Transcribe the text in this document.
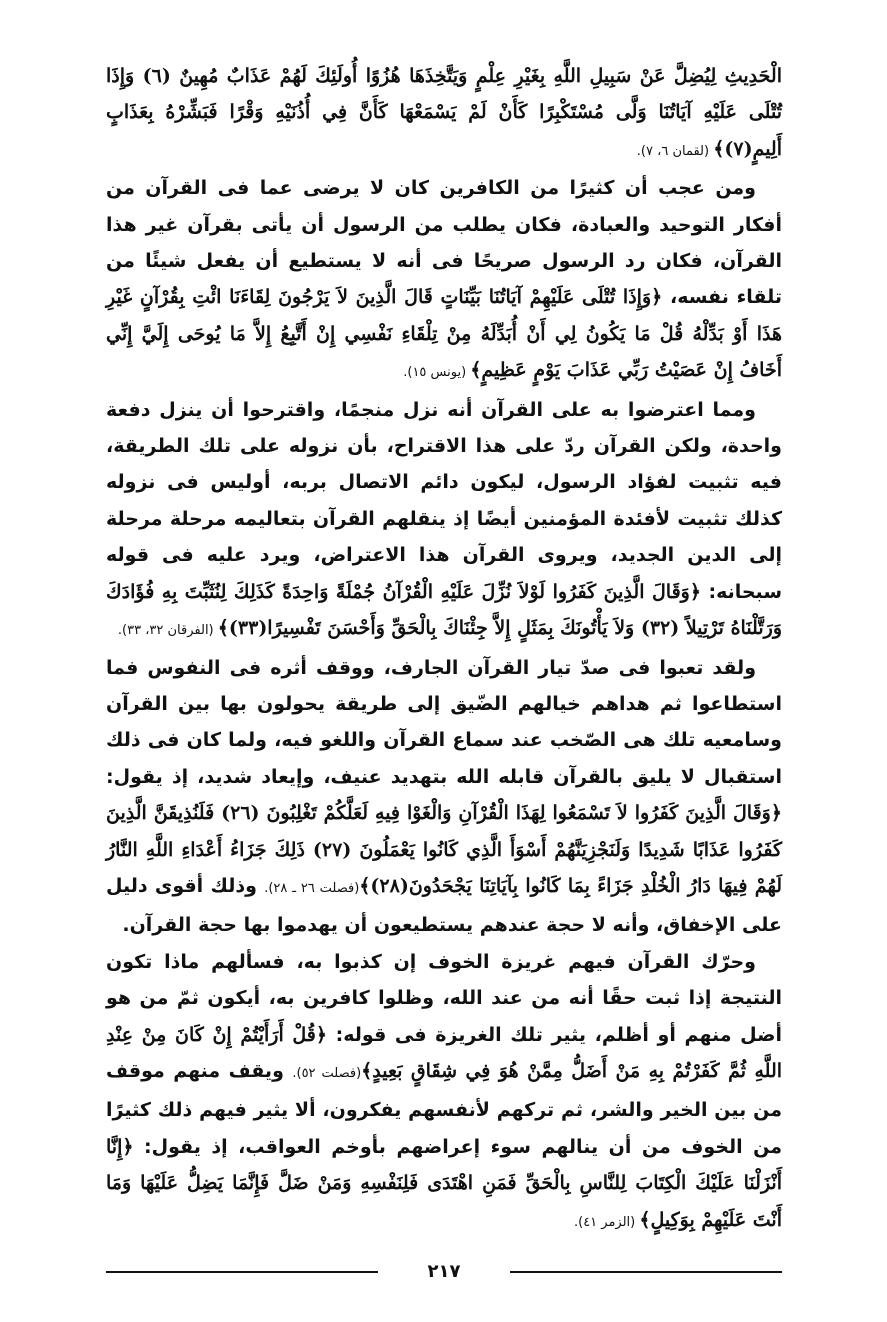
الْحَدِيثِ لِيُضِلَّ عَنْ سَبِيلِ اللَّهِ بِغَيْرِ عِلْمٍ وَيَتَّخِذَهَا هُزُوًا أُولَئِكَ لَهُمْ عَذَابٌ مُهِينٌ (٦) وَإِذَا تُتْلَى عَلَيْهِ آيَاتُنَا وَلَّى مُسْتَكْبِرًا كَأَنْ لَمْ يَسْمَعْهَا كَأَنَّ فِي أُذُنَيْهِ وَقْرًا فَبَشِّرْهُ بِعَذَابٍ أَلِيمٍ(٧)﴾ (لقمان ٦، ٧).

ومن عجب أن كثيرًا من الكافرين كان لا يرضى عما فى القرآن من أفكار التوحيد والعبادة، فكان يطلب من الرسول أن يأتى بقرآن غير هذا القرآن، فكان رد الرسول صريحًا فى أنه لا يستطيع أن يفعل شيئًا من تلقاء نفسه، ﴿وَإِذَا تُتْلَى عَلَيْهِمْ آيَاتُنَا بَيِّنَاتٍ قَالَ الَّذِينَ لاَ يَرْجُونَ لِقَاءَنَا ائْتِ بِقُرْآنٍ غَيْرِ هَذَا أَوْ بَدِّلْهُ قُلْ مَا يَكُونُ لِي أَنْ أُبَدِّلَهُ مِنْ تِلْقَاءِ نَفْسِي إِنْ أَتَّبِعُ إِلاَّ مَا يُوحَى إِلَيَّ إِنِّي أَخَافُ إِنْ عَصَيْتُ رَبِّي عَذَابَ يَوْمٍ عَظِيمٍ﴾ (يونس ١٥).

ومما اعترضوا به على القرآن أنه نزل منجمًا، واقترحوا أن ينزل دفعة واحدة، ولكن القرآن ردّ على هذا الاقتراح، بأن نزوله على تلك الطريقة، فيه تثبيت لفؤاد الرسول، ليكون دائم الاتصال بربه، أوليس فى نزوله كذلك تثبيت لأفئدة المؤمنين أيضًا إذ ينقلهم القرآن بتعاليمه مرحلة مرحلة إلى الدين الجديد، ويروى القرآن هذا الاعتراض، ويرد عليه فى قوله سبحانه: ﴿وَقَالَ الَّذِينَ كَفَرُوا لَوْلاَ نُزِّلَ عَلَيْهِ الْقُرْآنُ جُمْلَةً وَاحِدَةً كَذَلِكَ لِنُثَبِّتَ بِهِ فُؤَادَكَ وَرَتَّلْنَاهُ تَرْتِيلاً (٣٢) وَلاَ يَأْتُونَكَ بِمَثَلٍ إِلاَّ جِئْنَاكَ بِالْحَقِّ وَأَحْسَنَ تَفْسِيرًا(٣٣)﴾ (الفرقان ٣٢، ٣٣).

ولقد تعبوا فى صدّ تيار القرآن الجارف، ووقف أثره فى النفوس فما استطاعوا ثم هداهم خيالهم الضّيق إلى طريقة يحولون بها بين القرآن وسامعيه تلك هى الصّخب عند سماع القرآن واللغو فيه، ولما كان فى ذلك استقبال لا يليق بالقرآن قابله الله بتهديد عنيف، وإيعاد شديد، إذ يقول: ﴿وَقَالَ الَّذِينَ كَفَرُوا لاَ تَسْمَعُوا لِهَذَا الْقُرْآنِ وَالْغَوْا فِيهِ لَعَلَّكُمْ تَغْلِبُونَ (٢٦) فَلَنُذِيقَنَّ الَّذِينَ كَفَرُوا عَذَابًا شَدِيدًا وَلَنَجْزِيَنَّهُمْ أَسْوَأَ الَّذِي كَانُوا يَعْمَلُونَ (٢٧) ذَلِكَ جَزَاءُ أَعْدَاءِ اللَّهِ النَّارُ لَهُمْ فِيهَا دَارُ الْخُلْدِ جَزَاءً بِمَا كَانُوا بِآيَاتِنَا يَجْحَدُونَ(٢٨)﴾(فصلت ٢٦ ـ ٢٨). وذلك أقوى دليل على الإخفاق، وأنه لا حجة عندهم يستطيعون أن يهدموا بها حجة القرآن.

وحرّك القرآن فيهم غريزة الخوف إن كذبوا به، فسألهم ماذا تكون النتيجة إذا ثبت حقًا أنه من عند الله، وظلوا كافرين به، أيكون ثمّ من هو أضل منهم أو أظلم، يثير تلك الغريزة فى قوله: ﴿قُلْ أَرَأَيْتُمْ إِنْ كَانَ مِنْ عِنْدِ اللَّهِ ثُمَّ كَفَرْتُمْ بِهِ مَنْ أَضَلُّ مِمَّنْ هُوَ فِي شِقَاقٍ بَعِيدٍ﴾(فصلت ٥٢). ويقف منهم موقف من بين الخير والشر، ثم تركهم لأنفسهم يفكرون، ألا يثير فيهم ذلك كثيرًا من الخوف من أن ينالهم سوء إعراضهم بأوخم العواقب، إذ يقول: ﴿إِنَّا أَنْزَلْنَا عَلَيْكَ الْكِتَابَ لِلنَّاسِ بِالْحَقِّ فَمَنِ اهْتَدَى فَلِنَفْسِهِ وَمَنْ ضَلَّ فَإِنَّمَا يَضِلُّ عَلَيْهَا وَمَا أَنْتَ عَلَيْهِمْ بِوَكِيلٍ﴾ (الزمر ٤١).

٢١٧
